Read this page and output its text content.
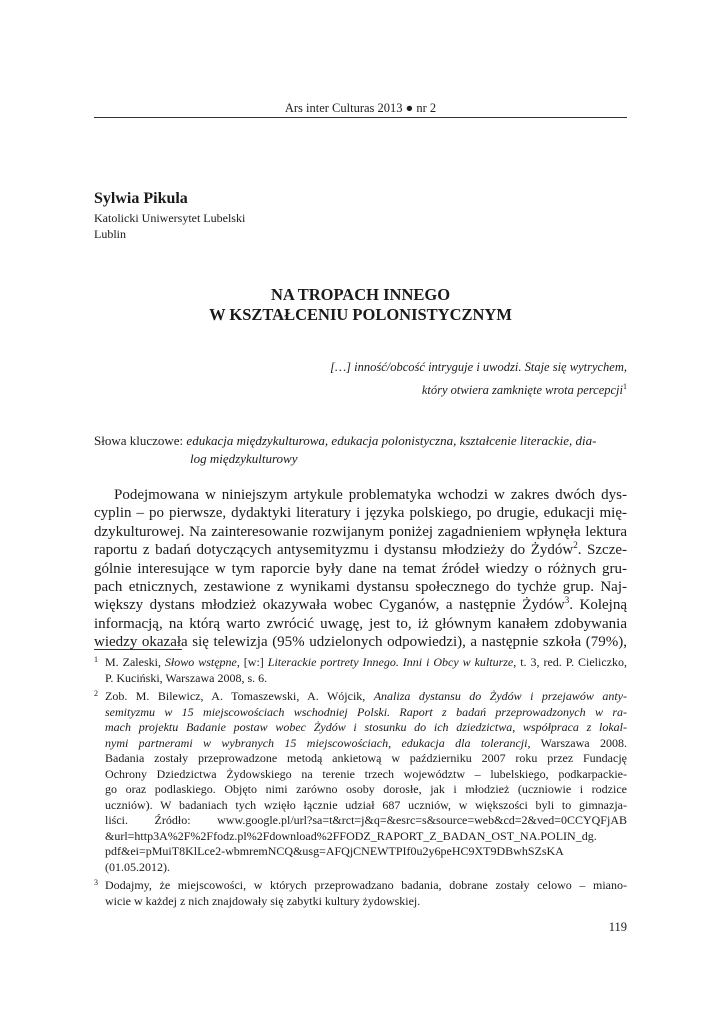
Ars inter Culturas 2013 ● nr 2
Sylwia Pikula
Katolicki Uniwersytet Lubelski
Lublin
NA TROPACH INNEGO
W KSZTAŁCENIU POLONISTYCZNYM
[…] inność/obcość intryguje i uwodzi. Staje się wytrychem,
który otwiera zamknięte wrota percepcji$^1$
Słowa kluczowe: edukacja międzykulturowa, edukacja polonistyczna, kształcenie literackie, dia-
log międzykulturowy
Podejmowana w niniejszym artykule problematyka wchodzi w zakres dwóch dys-
cyplin – po pierwsze, dydaktyki literatury i języka polskiego, po drugie, edukacji mię-
dzykulturowej. Na zainteresowanie rozwijanym poniżej zagadnieniem wpłynęła lektura
raportu z badań dotyczących antysemityzmu i dystansu młodzieży do Żydów$^2$. Szcze-
gólnie interesujące w tym raporcie były dane na temat źródeł wiedzy o różnych gru-
pach etnicznych, zestawione z wynikami dystansu społecznego do tychże grup. Naj-
większy dystans młodzież okazywała wobec Cyganów, a następnie Żydów$^3$. Kolejną
informacją, na którą warto zwrócić uwagę, jest to, iż głównym kanałem zdobywania
wiedzy okazała się telewizja (95% udzielonych odpowiedzi), a następnie szkoła (79%),
1 M. Zaleski, Słowo wstępne, [w:] Literackie portrety Innego. Inni i Obcy w kulturze, t. 3, red. P. Cieliczko,
P. Kuciński, Warszawa 2008, s. 6.
2 Zob. M. Bilewicz, A. Tomaszewski, A. Wójcik, Analiza dystansu do Żydów i przejawów anty-
semityzmu w 15 miejscowościach wschodniej Polski. Raport z badań przeprowadzonych w ra-
mach projektu Badanie postaw wobec Żydów i stosunku do ich dziedzictwa, współpraca z lokal-
nymi partnerami w wybranych 15 miejscowościach, edukacja dla tolerancji, Warszawa 2008.
Badania zostały przeprowadzone metodą ankietową w październiku 2007 roku przez Fundację
Ochrony Dziedzictwa Żydowskiego na terenie trzech województw – lubelskiego, podkarpackie-
go oraz podlaskiego. Objęto nimi zarówno osoby dorosłe, jak i młodzież (uczniowie i rodzice
uczniów). W badaniach tych wzięło łącznie udział 687 uczniów, w większości byli to gimnazja-
liści. Źródło: www.google.pl/url?sa=t&rct=j&q=&esrc=s&source=web&cd=2&ved=0CCYQFjAB
&url=http3A%2F%2Ffodz.pl%2Fdownload%2FFODZ_RAPORT_Z_BADAN_OST_NA.POLIN_dg.
pdf&ei=pMuiT8KlLce2-wbmremNCQ&usg=AFQjCNEWTPIf0u2y6peHC9XT9DBwhSZsKA
(01.05.2012).
3 Dodajmy, że miejscowości, w których przeprowadzano badania, dobrane zostały celowo – miano-
wicie w każdej z nich znajdowały się zabytki kultury żydowskiej.
119
